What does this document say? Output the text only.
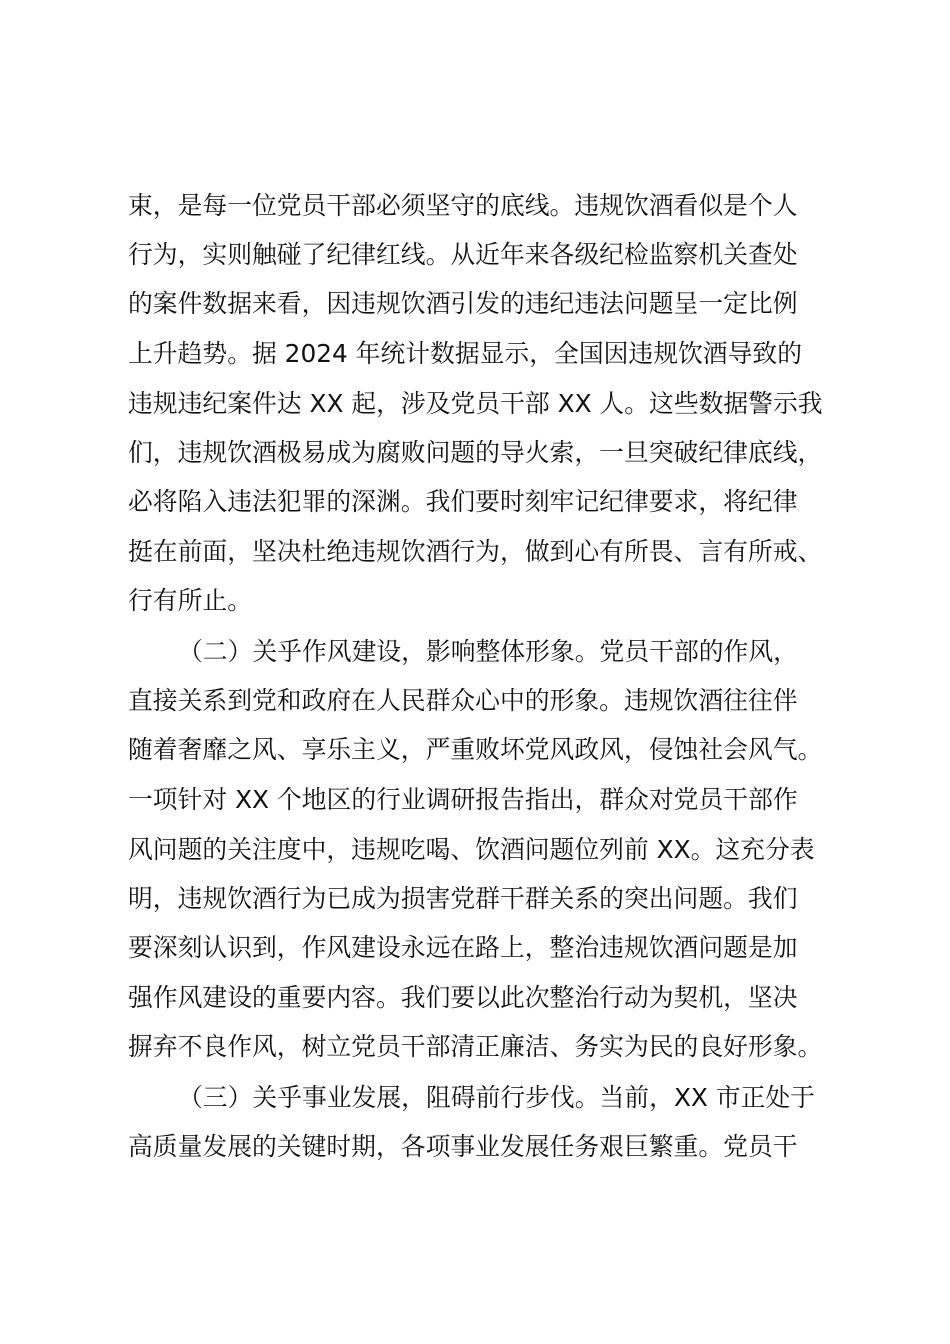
束，是每一位党员干部必须坚守的底线。违规饮酒看似是个人
行为，实则触碰了纪律红线。从近年来各级纪检监察机关查处
的案件数据来看，因违规饮酒引发的违纪违法问题呈一定比例
上升趋势。据 2024 年统计数据显示，全国因违规饮酒导致的
违规违纪案件达 XX 起，涉及党员干部 XX 人。这些数据警示我
们，违规饮酒极易成为腐败问题的导火索，一旦突破纪律底线，
必将陷入违法犯罪的深渊。我们要时刻牢记纪律要求，将纪律
挺在前面，坚决杜绝违规饮酒行为，做到心有所畏、言有所戒、
行有所止。
（二）关乎作风建设，影响整体形象。党员干部的作风，
直接关系到党和政府在人民群众心中的形象。违规饮酒往往伴
随着奢靡之风、享乐主义，严重败坏党风政风，侵蚀社会风气。
一项针对 XX 个地区的行业调研报告指出，群众对党员干部作
风问题的关注度中，违规吃喝、饮酒问题位列前 XX。这充分表
明，违规饮酒行为已成为损害党群干群关系的突出问题。我们
要深刻认识到，作风建设永远在路上，整治违规饮酒问题是加
强作风建设的重要内容。我们要以此次整治行动为契机，坚决
摒弃不良作风，树立党员干部清正廉洁、务实为民的良好形象。
（三）关乎事业发展，阻碍前行步伐。当前，XX 市正处于
高质量发展的关键时期，各项事业发展任务艰巨繁重。党员干
